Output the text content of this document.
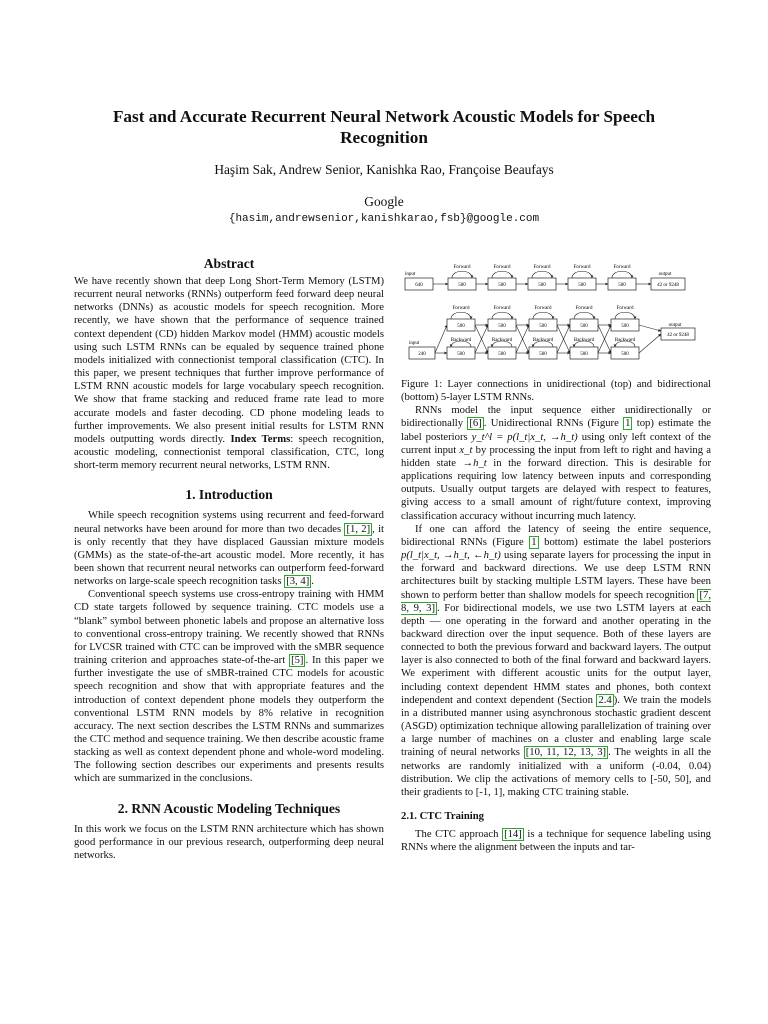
Fast and Accurate Recurrent Neural Network Acoustic Models for Speech Recognition
Haşim Sak, Andrew Senior, Kanishka Rao, Françoise Beaufays
Google
{hasim,andrewsenior,kanishkarao,fsb}@google.com
Abstract

We have recently shown that deep Long Short-Term Memory (LSTM) recurrent neural networks (RNNs) outperform feed forward deep neural networks (DNNs) as acoustic models for speech recognition. More recently, we have shown that the performance of sequence trained context dependent (CD) hidden Markov model (HMM) acoustic models using such LSTM RNNs can be equaled by sequence trained phone models initialized with connectionist temporal classification (CTC). In this paper, we present techniques that further improve performance of LSTM RNN acoustic models for large vocabulary speech recognition. We show that frame stacking and reduced frame rate lead to more accurate models and faster decoding. CD phone modeling leads to further improvements. We also present initial results for LSTM RNN models outputting words directly. Index Terms: speech recognition, acoustic modeling, connectionist temporal classification, CTC, long short-term memory recurrent neural networks, LSTM RNN.

1. Introduction

While speech recognition systems using recurrent and feed-forward neural networks have been around for more than two decades [1, 2] , it is only recently that they have displaced Gaussian mixture models (GMMs) as the state-of-the-art acoustic model. More recently, it has been shown that recurrent neural networks can outperform feed-forward networks on large-scale speech recognition tasks [3, 4] .

Conventional speech systems use cross-entropy training with HMM CD state targets followed by sequence training. CTC models use a “blank” symbol between phonetic labels and propose an alternative loss to conventional cross-entropy training. We recently showed that RNNs for LVCSR trained with CTC can be improved with the sMBR sequence training criterion and approaches state-of-the-art [5] . In this paper we further investigate the use of sMBR-trained CTC models for acoustic speech recognition and show that with appropriate features and the introduction of context dependent phone models they outperform the conventional LSTM RNN models by 8% relative in recognition accuracy. The next section describes the LSTM RNNs and summarizes the CTC method and sequence training. We then describe acoustic frame stacking as well as context dependent phone and whole-word modeling. The following section describes our experiments and presents results which are summarized in the conclusions.

2. RNN Acoustic Modeling Techniques

In this work we focus on the LSTM RNN architecture which has shown good performance in our previous research, outperforming deep neural networks.

input
640	500
Forward
500
Forward
500
Forward
500
Forward
500
Forward
output
42 or 9248
input
240
500
500
Forward
Backward
500
500
Forward
Backward
500
500
Forward
Backward
500
500
Forward
Backward
500
500
Forward
Backward
output
42 or 9248

Figure 1: Layer connections in unidirectional (top) and bidirectional (bottom) 5-layer LSTM RNNs.

RNNs model the input sequence either unidirectionally or bidirectionally [6] . Unidirectional RNNs (Figure 1 top) estimate the label posteriors y_t^l = p(l_t|x_t, →h_t) using only left context of the current input x_t by processing the input from left to right and having a hidden state →h_t in the forward direction. This is desirable for applications requiring low latency between inputs and corresponding outputs. Usually output targets are delayed with respect to features, giving access to a small amount of right/future context, improving classification accuracy without incurring much latency.

If one can afford the latency of seeing the entire sequence, bidirectional RNNs (Figure 1 bottom) estimate the label posteriors p(l_t|x_t, →h_t, ←h_t) using separate layers for processing the input in the forward and backward directions. We use deep LSTM RNN architectures built by stacking multiple LSTM layers. These have been shown to perform better than shallow models for speech recognition [7, 8, 9, 3] . For bidirectional models, we use two LSTM layers at each depth — one operating in the forward and another operating in the backward direction over the input sequence. Both of these layers are connected to both the previous forward and backward layers. The output layer is also connected to both of the final forward and backward layers. We experiment with different acoustic units for the output layer, including context dependent HMM states and phones, both context independent and context dependent (Section 2.4 ). We train the models in a distributed manner using asynchronous stochastic gradient descent (ASGD) optimization technique allowing parallelization of training over a large number of machines on a cluster and enabling large scale training of neural networks [10, 11, 12, 13, 3] . The weights in all the networks are randomly initialized with a uniform (-0.04, 0.04) distribution. We clip the activations of memory cells to [-50, 50], and their gradients to [-1, 1], making CTC training stable.

2.1. CTC Training

The CTC approach [14] is a technique for sequence labeling using RNNs where the alignment between the inputs and tar-
